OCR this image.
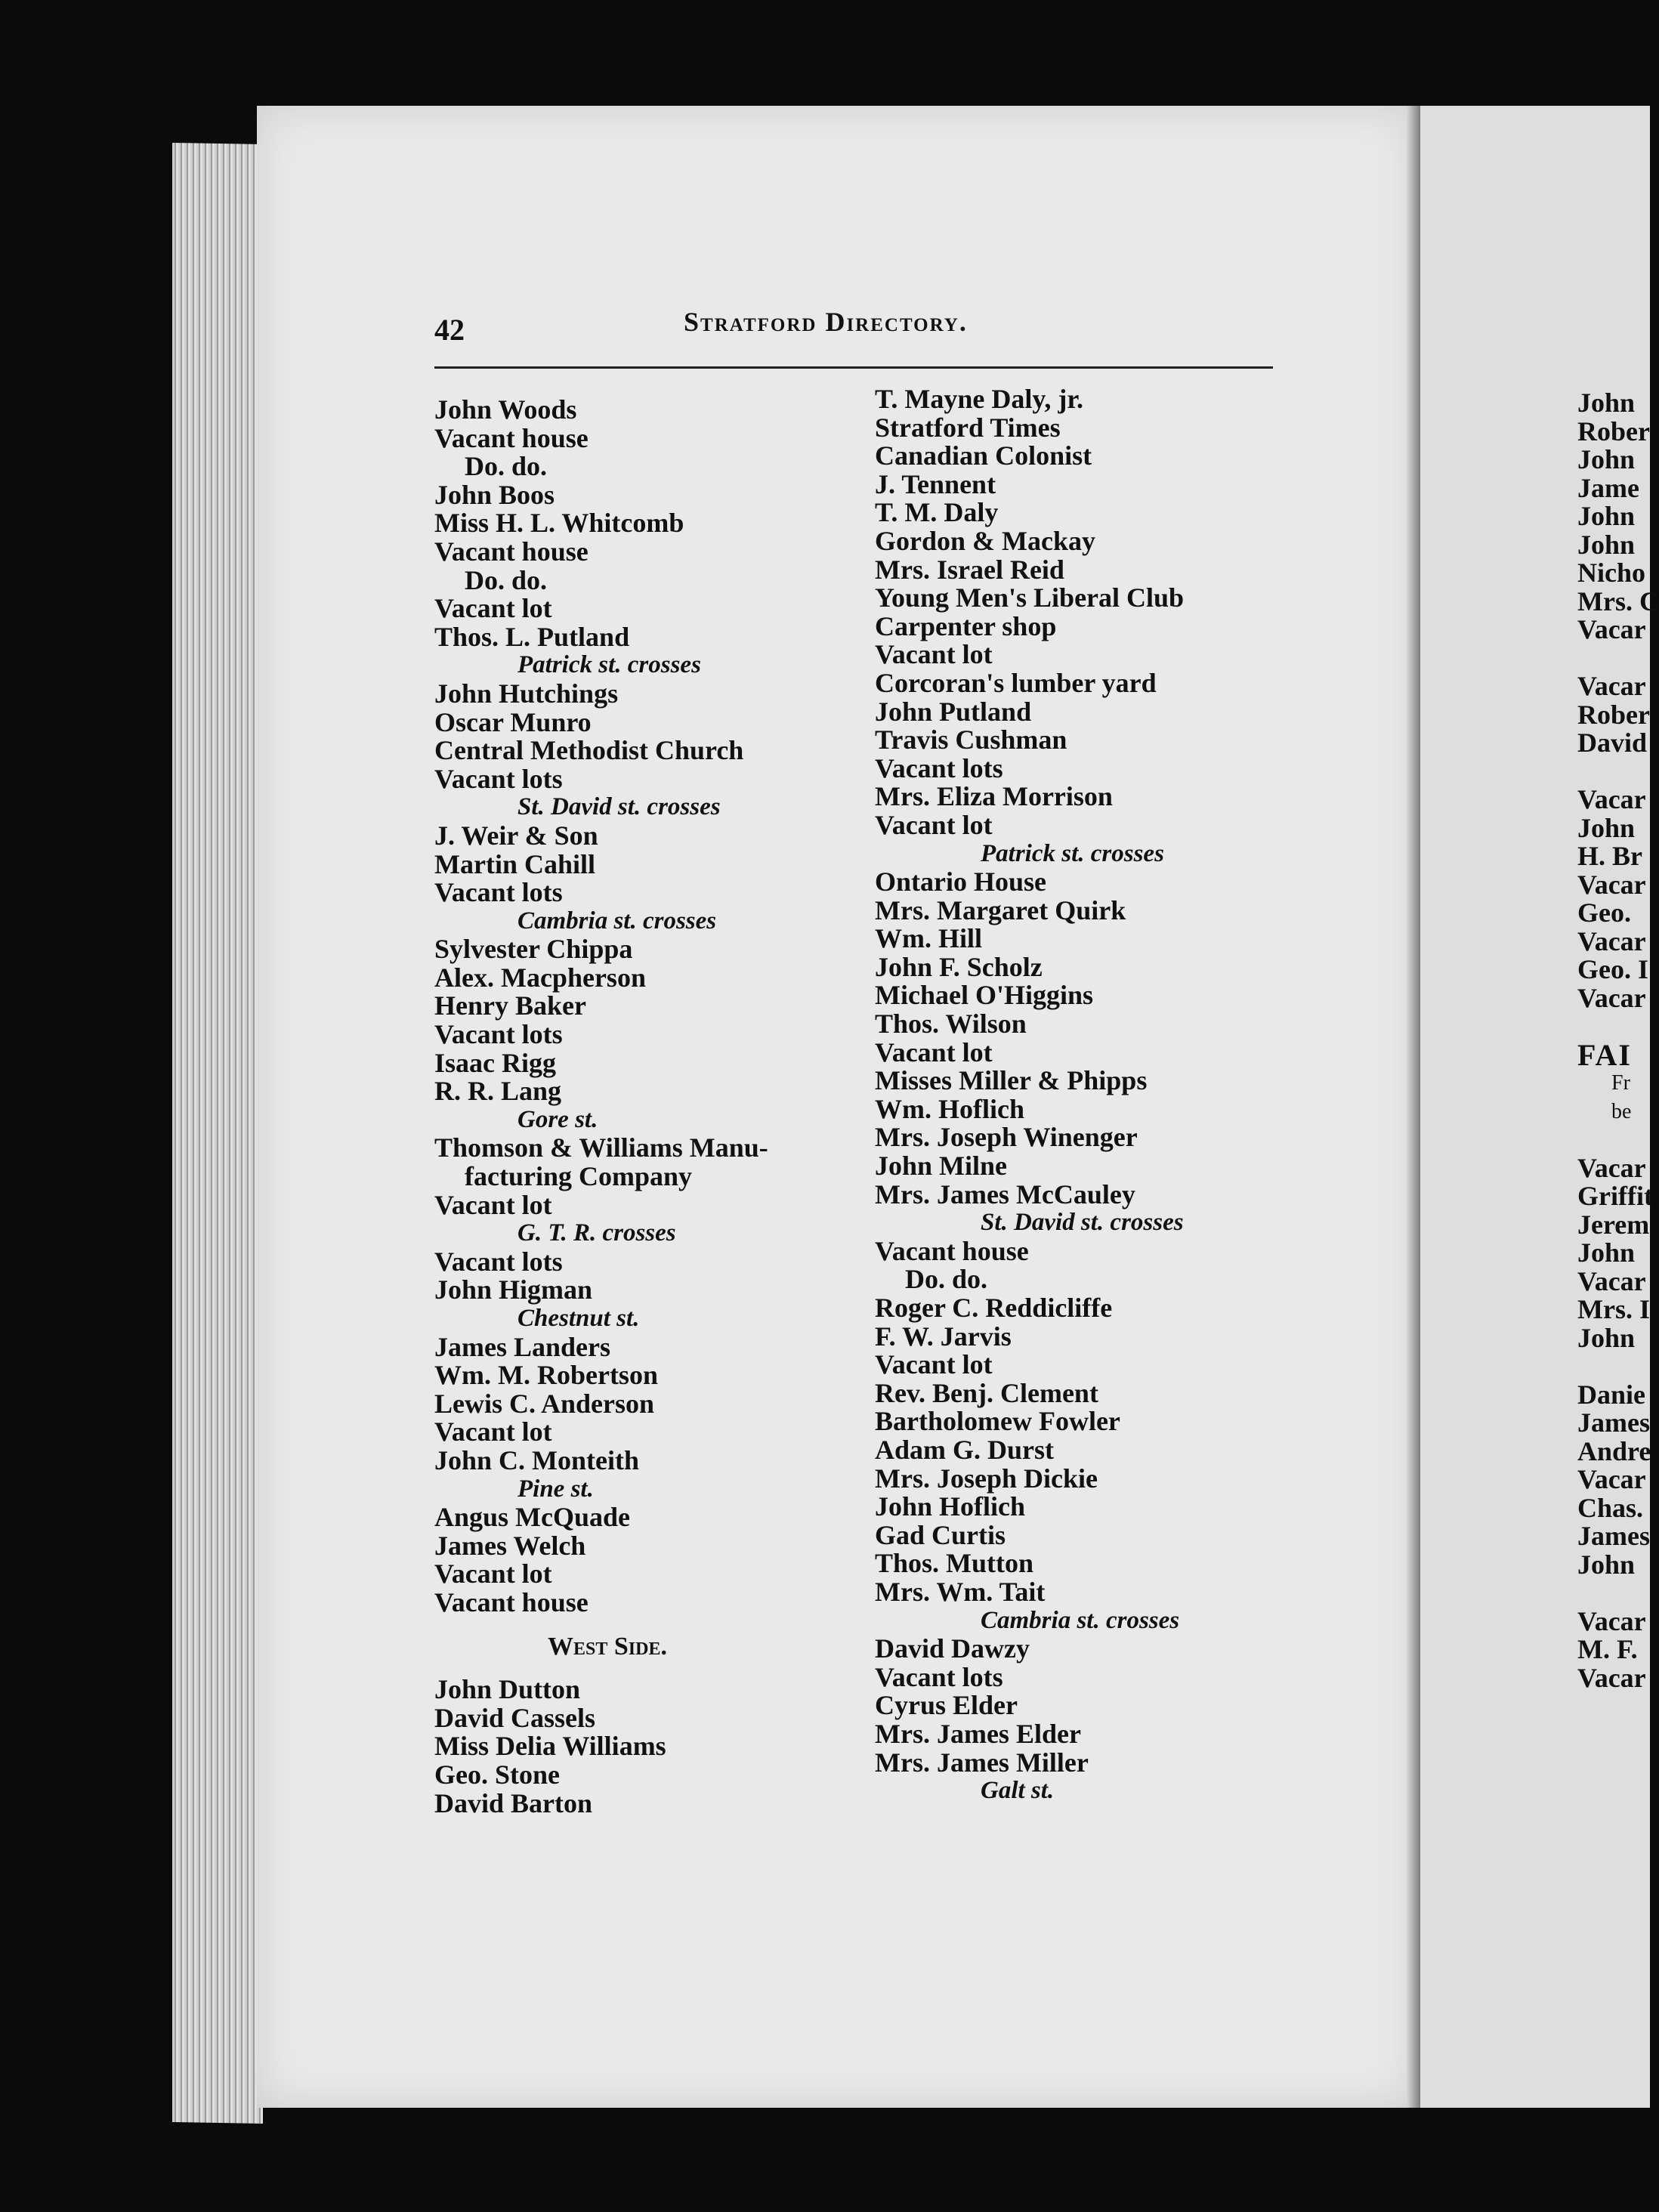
John
Rober
John
Jame
John
John
Nicho
Mrs. C
Vacar
Vacar
Rober
David
Vacar
John
H. Br
Vacar
Geo.
Vacar
Geo. I
Vacar
FAI
Fr
be
Vacar
Griffit
Jerem
John
Vacar
Mrs. I
John
Danie
James
Andre
Vacar
Chas.
James
John
Vacar
M. F.
Vacar
42	Stratford Directory.
John Woods
Vacant house
Do. do.
John Boos
Miss H. L. Whitcomb
Vacant house
Do. do.
Vacant lot
Thos. L. Putland
Patrick st. crosses
John Hutchings
Oscar Munro
Central Methodist Church
Vacant lots
St. David st. crosses
J. Weir & Son
Martin Cahill
Vacant lots
Cambria st. crosses
Sylvester Chippa
Alex. Macpherson
Henry Baker
Vacant lots
Isaac Rigg
R. R. Lang
Gore st.
Thomson & Williams Manu-
facturing Company
Vacant lot
G. T. R. crosses
Vacant lots
John Higman
Chestnut st.
James Landers
Wm. M. Robertson
Lewis C. Anderson
Vacant lot
John C. Monteith
Pine st.
Angus McQuade
James Welch
Vacant lot
Vacant house
West Side.
John Dutton
David Cassels
Miss Delia Williams
Geo. Stone
David Barton
T. Mayne Daly, jr.
Stratford Times
Canadian Colonist
J. Tennent
T. M. Daly
Gordon & Mackay
Mrs. Israel Reid
Young Men's Liberal Club
Carpenter shop
Vacant lot
Corcoran's lumber yard
John Putland
Travis Cushman
Vacant lots
Mrs. Eliza Morrison
Vacant lot
Patrick st. crosses
Ontario House
Mrs. Margaret Quirk
Wm. Hill
John F. Scholz
Michael O'Higgins
Thos. Wilson
Vacant lot
Misses Miller & Phipps
Wm. Hoflich
Mrs. Joseph Winenger
John Milne
Mrs. James McCauley
St. David st. crosses
Vacant house
Do. do.
Roger C. Reddicliffe
F. W. Jarvis
Vacant lot
Rev. Benj. Clement
Bartholomew Fowler
Adam G. Durst
Mrs. Joseph Dickie
John Hoflich
Gad Curtis
Thos. Mutton
Mrs. Wm. Tait
Cambria st. crosses
David Dawzy
Vacant lots
Cyrus Elder
Mrs. James Elder
Mrs. James Miller
Galt st.
